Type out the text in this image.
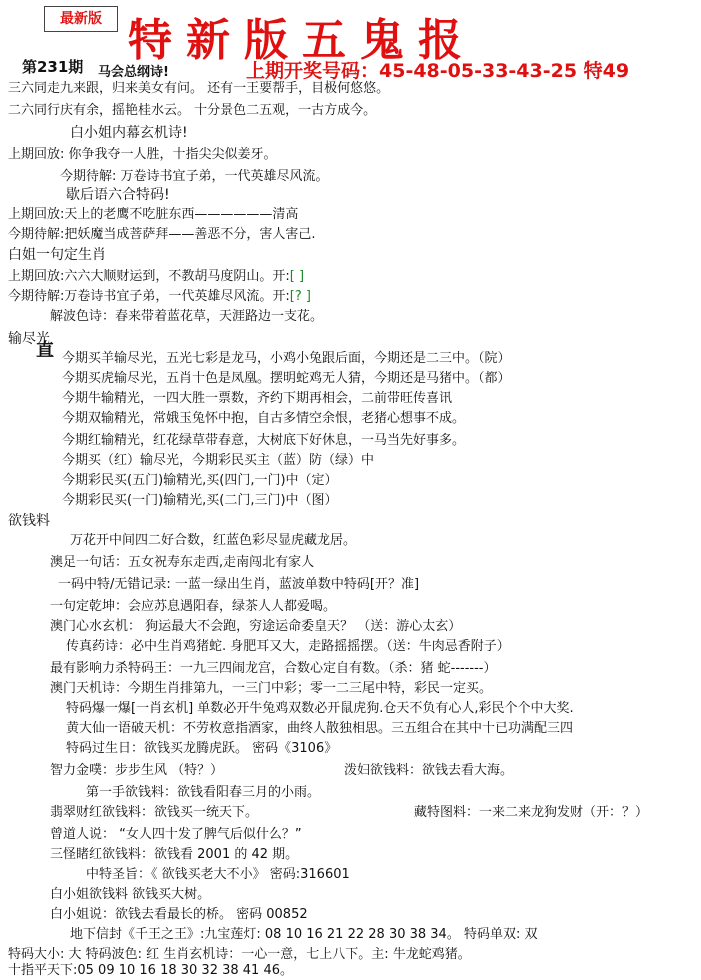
最新版 特新版五鬼报
第231期 马会总纲诗!	上期开奖号码：45-48-05-33-43-25 特49
三六同走九来跟，归来美女有问。 还有一王要帮手，目极何悠悠。
二六同行庆有余，摇艳桂水云。 十分景色二五观，一古方成今。
白小姐内幕玄机诗!
上期回放: 你争我夺一人胜，十指尖尖似姜牙。
今期待解: 万卷诗书宜子弟，一代英雄尽风流。
歇后语六合特码!
上期回放:天上的老鹰不吃脏东西——————清高
今期待解:把妖魔当成菩萨拜——善恶不分，害人害己.
白姐一句定生肖
上期回放:六六大顺财运到，不教胡马度阴山。开:[ ]
今期待解:万卷诗书宜子弟，一代英雄尽风流。开:[? ]
解波色诗：春来带着蓝花草，天涯路边一支花。
输尽光
直 今期买羊输尽光，五光七彩是龙马，小鸡小兔跟后面，今期还是二三中。（院）
今期买虎输尽光，五肖十色是凤凰。摆明蛇鸡无人猜，今期还是马猪中。（都）
今期牛输精光，一四大胜一票数，齐约下期再相会，二前带旺传喜讯
今期双输精光，常娥玉兔怀中抱，自古多情空余恨，老猪心想事不成。
今期红输精光，红花绿草带春意，大树底下好休息，一马当先好事多。
今期买（红）输尽光，今期彩民买主（蓝）防（绿）中
今期彩民买(五门)输精光,买(四门,一门)中（定）
今期彩民买(一门)输精光,买(二门,三门)中（图）
欲钱料
万花开中间四二好合数，红蓝色彩尽显虎藏龙居。
澳足一句话：五女祝寿东走西,走南闯北有家人
一码中特/无错记录: 一蓝一绿出生肖，蓝波单数中特码[开？准]
一句定乾坤：会应苏息遇阳春，绿茶人人都爱喝。
澳门心水玄机： 狗运最大不会跑，穷途运命委皇天？ （送：游心太玄）
传真药诗：必中生肖鸡猪蛇. 身肥耳又大，走路摇摇摆。（送：牛肉忌香附子）
最有影响力杀特码王：一九三四闹龙宫，合数心定自有数。（杀：猪 蛇-------）
澳门天机诗：今期生肖排第九，一三门中彩；零一二三尾中特，彩民一定买。
特码爆一爆[一肖玄机] 单数必开牛兔鸡双数必开鼠虎狗.仓天不负有心人,彩民个个中大奖.
黄大仙一语破天机：不劳枚意指酒家，曲终人散独相思。三五组合在其中十已功满配三四
特码过生日：欲钱买龙腾虎跃。 密码《3106》
智力金噗：步步生风 （特？）	泼妇欲钱料：欲钱去看大海。
第一手欲钱料：欲钱看阳春三月的小雨。
翡翠财红欲钱料：欲钱买一统天下。	藏特图料：一来二来龙狗发财（开：？）
曾道人说： “女人四十发了脾气后似什么？”
三怪睹红欲钱料：欲钱看 2001 的 42 期。
中特圣旨：《 欲钱买老大不小》 密码:316601
白小姐欲钱料 欲钱买大树。
白小姐说：欲钱去看最长的桥。 密码 00852
地下信封《千王之王》:九宝莲灯: 08 10 16 21 22 28 30 38 34。 特码单双: 双
特码大小: 大 特码波色: 红 生肖玄机诗：一心一意，七上八下。主: 牛龙蛇鸡猪。
十指平天下:05 09 10 16 18 30 32 38 41 46。
